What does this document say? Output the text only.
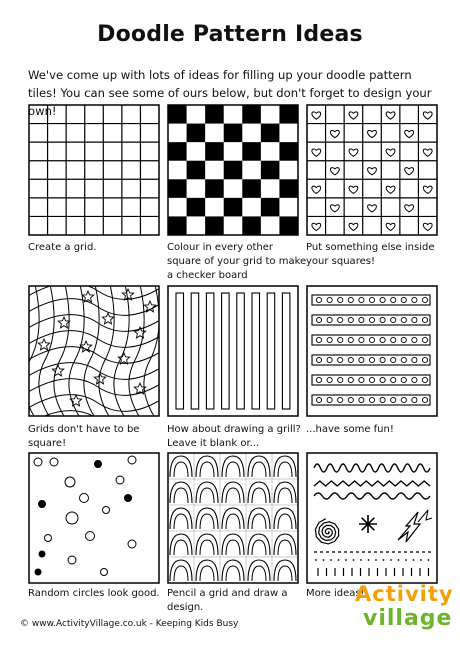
Doodle Pattern Ideas
We've come up with lots of ideas for filling up your doodle pattern tiles! You can see some of ours below, but don't forget to design your own!
Create a grid.	Colour in every other square of your grid to make a checker board
Put something else inside your squares!
Grids don't have to be square!
How about drawing a grill? Leave it blank or...
...have some fun!
Random circles look good. Pencil a grid and draw a design.
More ideas!
© www.ActivityVillage.co.uk - Keeping Kids Busy
Activity
village
